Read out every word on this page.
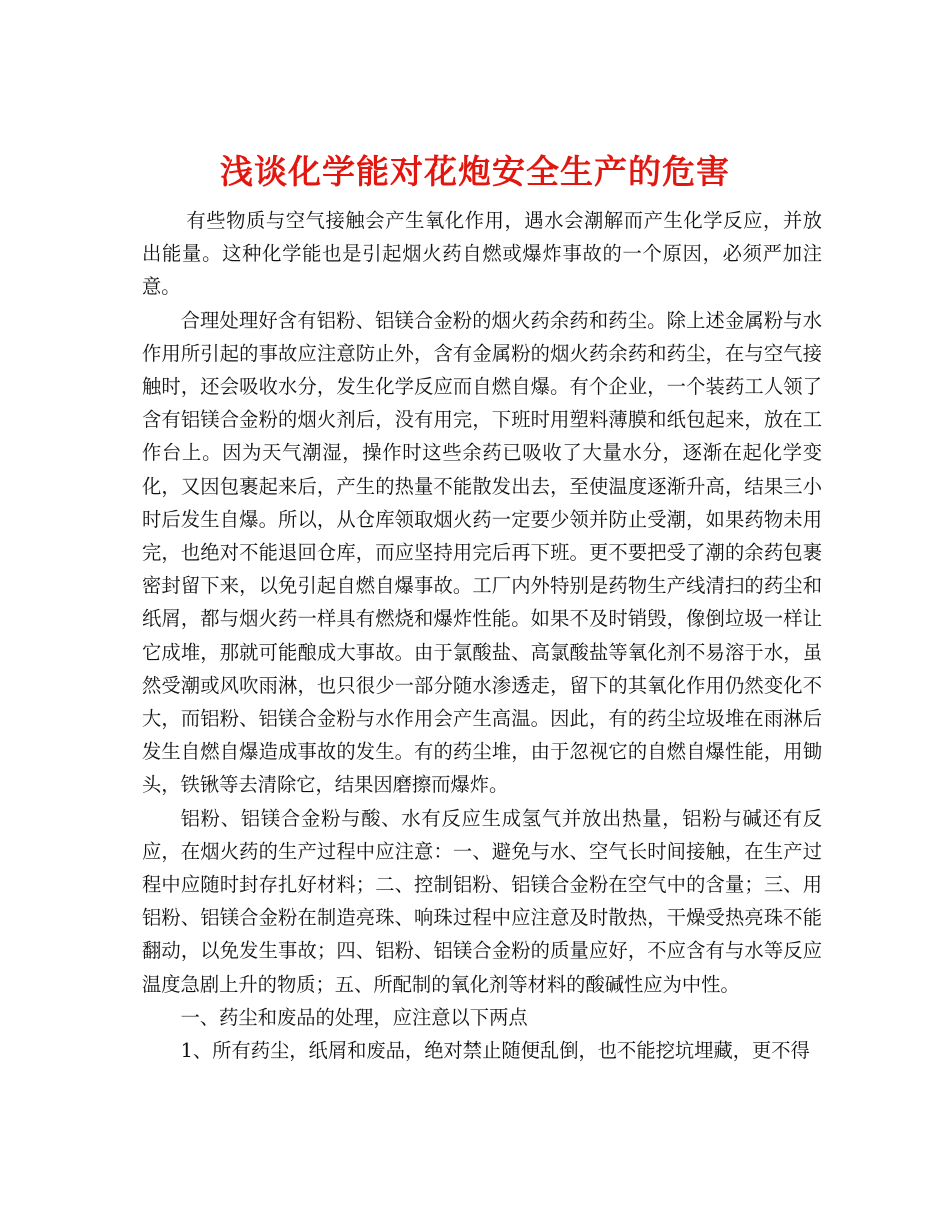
浅谈化学能对花炮安全生产的危害

有些物质与空气接触会产生氧化作用，遇水会潮解而产生化学反应，并放出能量。这种化学能也是引起烟火药自燃或爆炸事故的一个原因，必须严加注意。

合理处理好含有铝粉、铝镁合金粉的烟火药余药和药尘。除上述金属粉与水作用所引起的事故应注意防止外，含有金属粉的烟火药余药和药尘，在与空气接触时，还会吸收水分，发生化学反应而自燃自爆。有个企业，一个装药工人领了含有铝镁合金粉的烟火剂后，没有用完，下班时用塑料薄膜和纸包起来，放在工作台上。因为天气潮湿，操作时这些余药已吸收了大量水分，逐渐在起化学变化，又因包裹起来后，产生的热量不能散发出去，至使温度逐渐升高，结果三小时后发生自爆。所以，从仓库领取烟火药一定要少领并防止受潮，如果药物未用完，也绝对不能退回仓库，而应坚持用完后再下班。更不要把受了潮的余药包裹密封留下来，以免引起自燃自爆事故。工厂内外特别是药物生产线清扫的药尘和纸屑，都与烟火药一样具有燃烧和爆炸性能。如果不及时销毁，像倒垃圾一样让它成堆，那就可能酿成大事故。由于氯酸盐、高氯酸盐等氧化剂不易溶于水，虽然受潮或风吹雨淋，也只很少一部分随水渗透走，留下的其氧化作用仍然变化不大，而铝粉、铝镁合金粉与水作用会产生高温。因此，有的药尘垃圾堆在雨淋后发生自燃自爆造成事故的发生。有的药尘堆，由于忽视它的自燃自爆性能，用锄头，铁锹等去清除它，结果因磨擦而爆炸。

铝粉、铝镁合金粉与酸、水有反应生成氢气并放出热量，铝粉与碱还有反应，在烟火药的生产过程中应注意：一、避免与水、空气长时间接触，在生产过程中应随时封存扎好材料；二、控制铝粉、铝镁合金粉在空气中的含量；三、用铝粉、铝镁合金粉在制造亮珠、响珠过程中应注意及时散热，干燥受热亮珠不能翻动，以免发生事故；四、铝粉、铝镁合金粉的质量应好，不应含有与水等反应温度急剧上升的物质；五、所配制的氧化剂等材料的酸碱性应为中性。

一、药尘和废品的处理，应注意以下两点

1、所有药尘，纸屑和废品，绝对禁止随便乱倒，也不能挖坑埋藏，更不得
